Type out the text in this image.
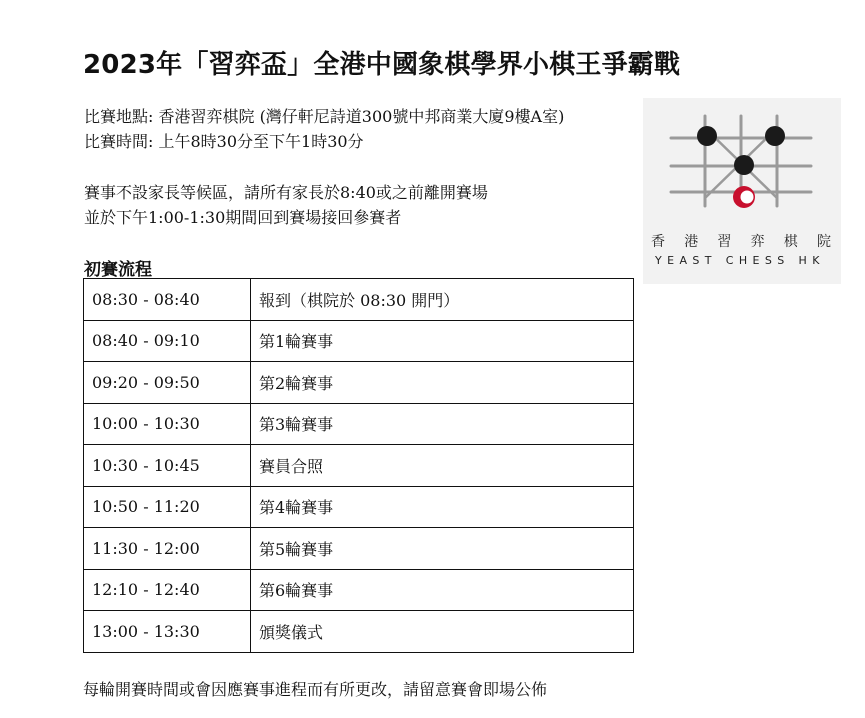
2023年「習弈盃」全港中國象棋學界小棋王爭霸戰
比賽地點: 香港習弈棋院 (灣仔軒尼詩道300號中邦商業大廈9樓A室)
比賽時間: 上午8時30分至下午1時30分
賽事不設家長等候區，請所有家長於8:40或之前離開賽場
並於下午1:00-1:30期間回到賽場接回參賽者
初賽流程
08:30 - 08:40	報到（棋院於 08:30 開門）
08:40 - 09:10	第1輪賽事
09:20 - 09:50	第2輪賽事
10:00 - 10:30	第3輪賽事
10:30 - 10:45	賽員合照
10:50 - 11:20	第4輪賽事
11:30 - 12:00	第5輪賽事
12:10 - 12:40	第6輪賽事
13:00 - 13:30	頒獎儀式
每輪開賽時間或會因應賽事進程而有所更改，請留意賽會即場公佈
香 港 習 弈 棋 院
YEAST CHESS HK
